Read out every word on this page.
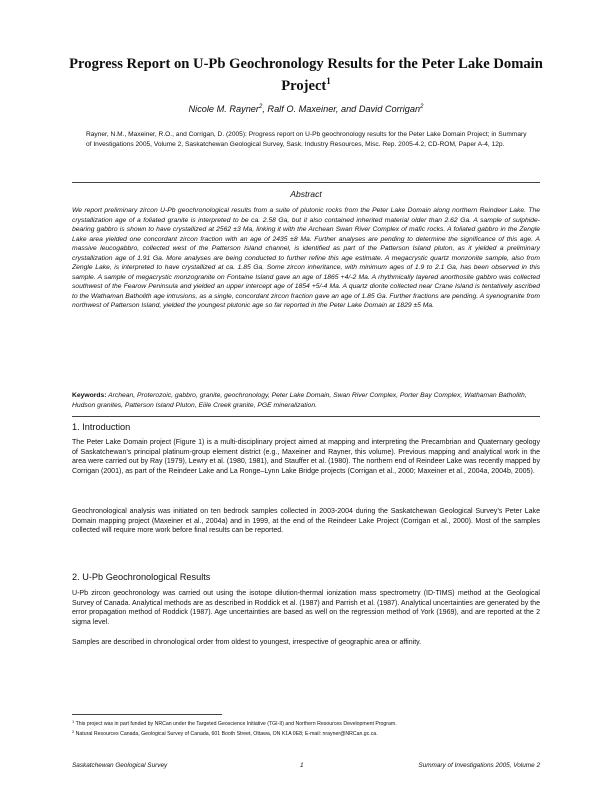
Progress Report on U-Pb Geochronology Results for the Peter Lake Domain Project$^1$
Nicole M. Rayner$^2$, Ralf O. Maxeiner, and David Corrigan$^2$
Rayner, N.M., Maxeiner, R.O., and Corrigan, D. (2005): Progress report on U-Pb geochronology results for the Peter Lake Domain Project; in Summary of Investigations 2005, Volume 2, Saskatchewan Geological Survey, Sask. Industry Resources, Misc. Rep. 2005-4.2, CD-ROM, Paper A-4, 12p.
Abstract
We report preliminary zircon U-Pb geochronological results from a suite of plutonic rocks from the Peter Lake Domain along northern Reindeer Lake. The crystallization age of a foliated granite is interpreted to be ca. 2.58 Ga, but it also contained inherited material older than 2.62 Ga. A sample of sulphide-bearing gabbro is shown to have crystallized at 2562 ±3 Ma, linking it with the Archean Swan River Complex of mafic rocks. A foliated gabbro in the Zengle Lake area yielded one concordant zircon fraction with an age of 2435 ±8 Ma. Further analyses are pending to determine the significance of this age. A massive leucogabbro, collected west of the Patterson Island channel, is identified as part of the Patterson Island pluton, as it yielded a preliminary crystallization age of 1.91 Ga. More analyses are being conducted to further refine this age estimate. A megacrystic quartz monzonite sample, also from Zengle Lake, is interpreted to have crystallized at ca. 1.85 Ga. Some zircon inheritance, with minimum ages of 1.9 to 2.1 Ga, has been observed in this sample. A sample of megacrystic monzogranite on Fontaine Island gave an age of 1865 +4/-2 Ma. A rhythmically layered anorthosite gabbro was collected southwest of the Fearow Peninsula and yielded an upper intercept age of 1854 +5/-4 Ma. A quartz diorite collected near Crane Island is tentatively ascribed to the Wathaman Batholith age intrusions, as a single, concordant zircon fraction gave an age of 1.85 Ga. Further fractions are pending. A syenogranite from northwest of Patterson Island, yielded the youngest plutonic age so far reported in the Peter Lake Domain at 1829 ±5 Ma.
Keywords: Archean, Proterozoic, gabbro, granite, geochronology, Peter Lake Domain, Swan River Complex, Porter Bay Complex, Wathaman Batholith, Hudson granites, Patterson Island Pluton, Eiile Creek granite, PGE mineralization.
1. Introduction
The Peter Lake Domain project (Figure 1) is a multi-disciplinary project aimed at mapping and interpreting the Precambrian and Quaternary geology of Saskatchewan’s principal platinum-group element district (e.g., Maxeiner and Rayner, this volume). Previous mapping and analytical work in the area were carried out by Ray (1979), Lewry et al. (1980, 1981), and Stauffer et al. (1980). The northern end of Reindeer Lake was recently mapped by Corrigan (2001), as part of the Reindeer Lake and La Ronge–Lynn Lake Bridge projects (Corrigan et al., 2000; Maxeiner et al., 2004a, 2004b, 2005).
Geochronological analysis was initiated on ten bedrock samples collected in 2003-2004 during the Saskatchewan Geological Survey’s Peter Lake Domain mapping project (Maxeiner et al., 2004a) and in 1999, at the end of the Reindeer Lake Project (Corrigan et al., 2000). Most of the samples collected will require more work before final results can be reported.
2. U-Pb Geochronological Results
U-Pb zircon geochronology was carried out using the isotope dilution-thermal ionization mass spectrometry (ID-TIMS) method at the Geological Survey of Canada. Analytical methods are as described in Roddick et al. (1987) and Parrish et al. (1987). Analytical uncertainties are generated by the error propagation method of Roddick (1987). Age uncertainties are based as well on the regression method of York (1969), and are reported at the 2 sigma level.
Samples are described in chronological order from oldest to youngest, irrespective of geographic area or affinity.
$^1$ This project was in part funded by NRCan under the Targeted Geoscience Initiative (TGI-II) and Northern Resources Development Program.
$^2$ Natural Resources Canada, Geological Survey of Canada, 601 Booth Street, Ottawa, ON K1A 0E8; E-mail: nrayner@NRCan.gc.ca.
Saskatchewan Geological Survey	1	Summary of Investigations 2005, Volume 2
